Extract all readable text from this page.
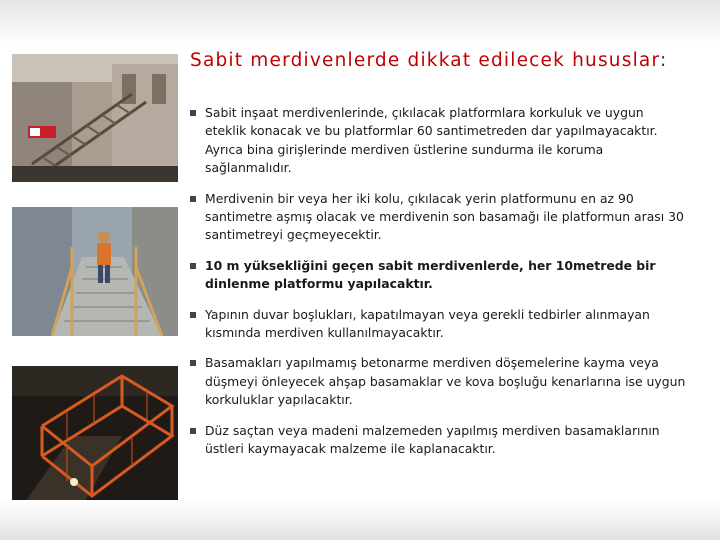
Sabit merdivenlerde dikkat edilecek hususlar:
Sabit inşaat merdivenlerinde, çıkılacak platformlara korkuluk ve uygun eteklik konacak ve bu platformlar 60 santimetreden dar yapılmayacaktır. Ayrıca bina girişlerinde merdiven üstlerine sundurma ile koruma sağlanmalıdır.
Merdivenin bir veya her iki kolu, çıkılacak yerin platformunu en az 90 santimetre aşmış olacak ve merdivenin son basamağı ile platformun arası 30 santimetreyi geçmeyecektir.
10 m yüksekliğini geçen sabit merdivenlerde, her 10metrede bir dinlenme platformu yapılacaktır.
Yapının duvar boşlukları, kapatılmayan veya gerekli tedbirler alınmayan kısmında merdiven kullanılmayacaktır.
Basamakları yapılmamış betonarme merdiven döşemelerine kayma veya düşmeyi önleyecek ahşap basamaklar ve kova boşluğu kenarlarına ise uygun korkuluklar yapılacaktır.
Düz saçtan veya madeni malzemeden yapılmış merdiven basamaklarının üstleri kaymayacak malzeme ile kaplanacaktır.
